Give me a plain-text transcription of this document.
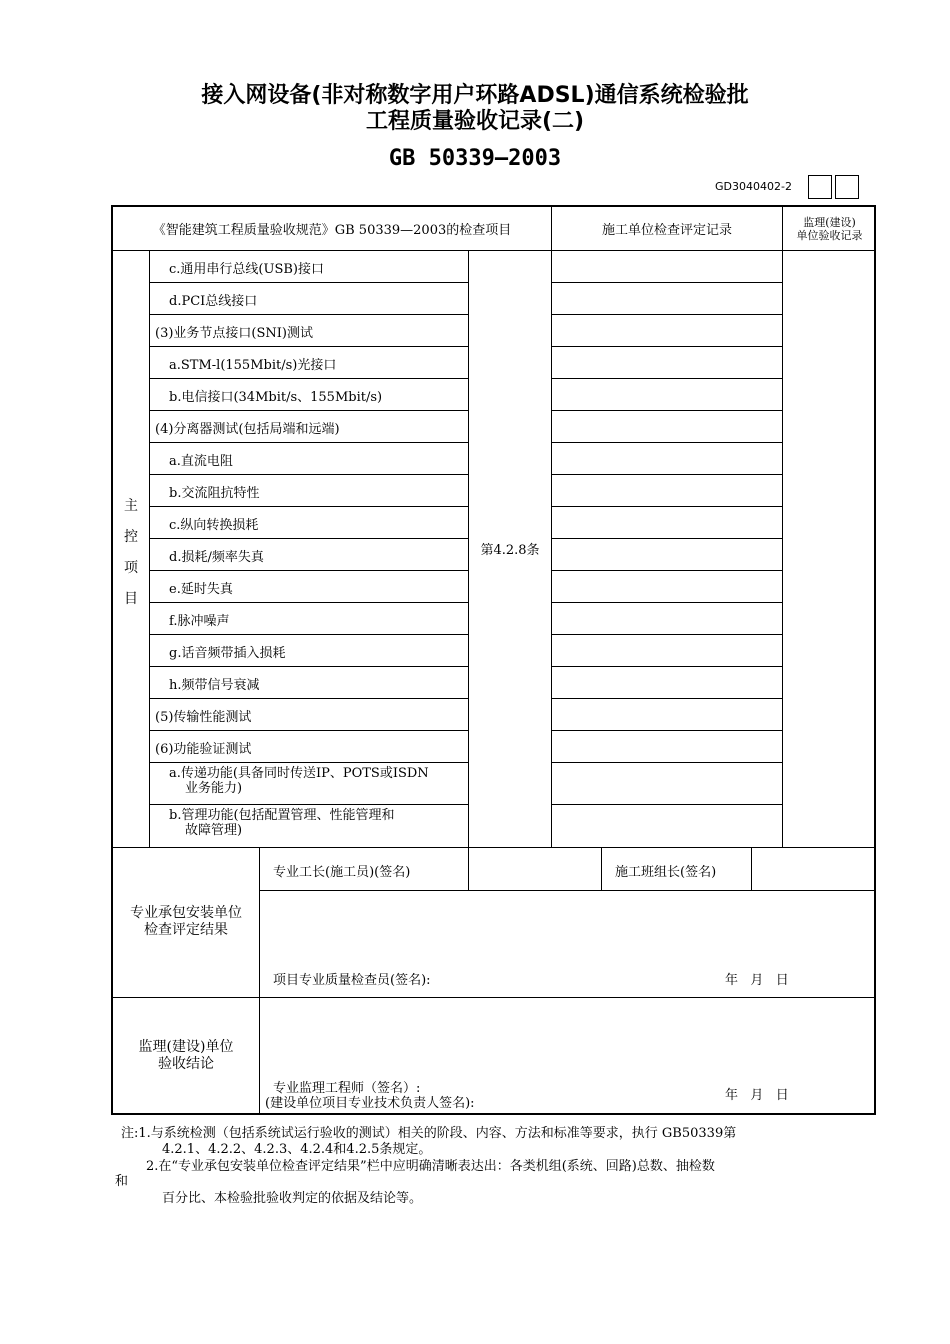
接入网设备(非对称数字用户环路ADSL)通信系统检验批
工程质量验收记录(二)
GB 50339—2003
GD3040402-2
《智能建筑工程质量验收规范》GB 50339—2003的检查项目	施工单位检查评定记录
监理(建设)
单位验收记录
主
控
项
目
第4.2.8条
c.通用串行总线(USB)接口
d.PCI总线接口
(3)业务节点接口(SNI)测试
a.STM-l(155Mbit/s)光接口
b.电信接口(34Mbit/s、155Mbit/s)
(4)分离器测试(包括局端和远端)
a.直流电阻
b.交流阻抗特性
c.纵向转换损耗
d.损耗/频率失真
e.延时失真
f.脉冲噪声
g.话音频带插入损耗
h.频带信号衰减
(5)传输性能测试
(6)功能验证测试
a.传递功能(具备同时传送IP、POTS或ISDN
业务能力)
b.管理功能(包括配置管理、性能管理和
故障管理)
专业承包安装单位
检查评定结果
专业工长(施工员)(签名)	施工班组长(签名)
项目专业质量检查员(签名):	年   月   日
监理(建设)单位
验收结论
专业监理工程师（签名）:
(建设单位项目专业技术负责人签名):
年   月   日
注:1.与系统检测（包括系统试运行验收的测试）相关的阶段、内容、方法和标准等要求，执行 GB50339第
4.2.1、4.2.2、4.2.3、4.2.4和4.2.5条规定。
2.在“专业承包安装单位检查评定结果”栏中应明确清晰表达出：各类机组(系统、回路)总数、抽检数
和
百分比、本检验批验收判定的依据及结论等。
